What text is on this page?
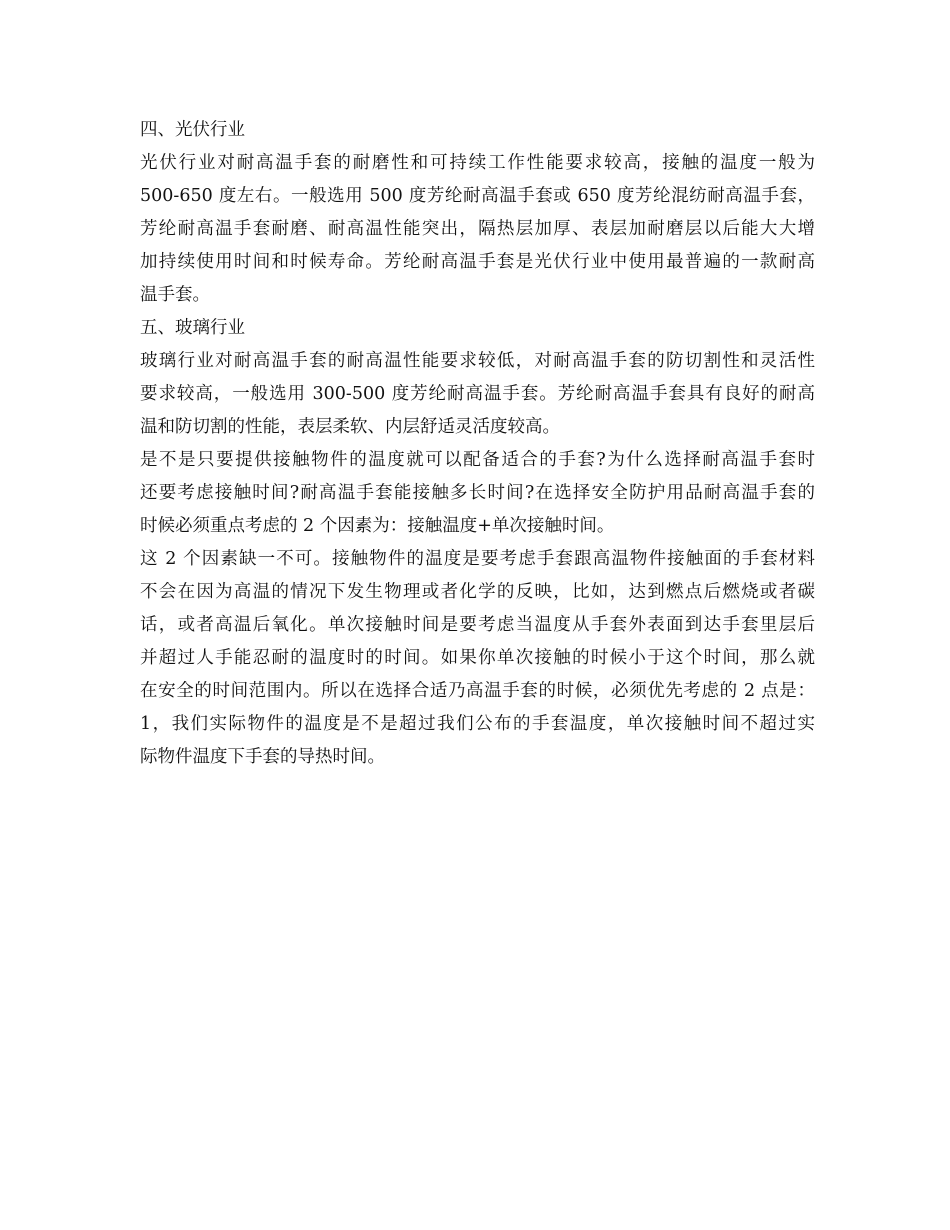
四、光伏行业
光伏行业对耐高温手套的耐磨性和可持续工作性能要求较高，接触的温度一般为
500-650 度左右。一般选用 500 度芳纶耐高温手套或 650 度芳纶混纺耐高温手套，
芳纶耐高温手套耐磨、耐高温性能突出，隔热层加厚、表层加耐磨层以后能大大增
加持续使用时间和时候寿命。芳纶耐高温手套是光伏行业中使用最普遍的一款耐高
温手套。
五、玻璃行业
玻璃行业对耐高温手套的耐高温性能要求较低，对耐高温手套的防切割性和灵活性
要求较高，一般选用 300-500 度芳纶耐高温手套。芳纶耐高温手套具有良好的耐高
温和防切割的性能，表层柔软、内层舒适灵活度较高。
是不是只要提供接触物件的温度就可以配备适合的手套?为什么选择耐高温手套时
还要考虑接触时间?耐高温手套能接触多长时间?在选择安全防护用品耐高温手套的
时候必须重点考虑的 2 个因素为：接触温度+单次接触时间。
这 2 个因素缺一不可。接触物件的温度是要考虑手套跟高温物件接触面的手套材料
不会在因为高温的情况下发生物理或者化学的反映，比如，达到燃点后燃烧或者碳
话，或者高温后氧化。单次接触时间是要考虑当温度从手套外表面到达手套里层后
并超过人手能忍耐的温度时的时间。如果你单次接触的时候小于这个时间，那么就
在安全的时间范围内。所以在选择合适乃高温手套的时候，必须优先考虑的 2 点是：
1，我们实际物件的温度是不是超过我们公布的手套温度，单次接触时间不超过实
际物件温度下手套的导热时间。
